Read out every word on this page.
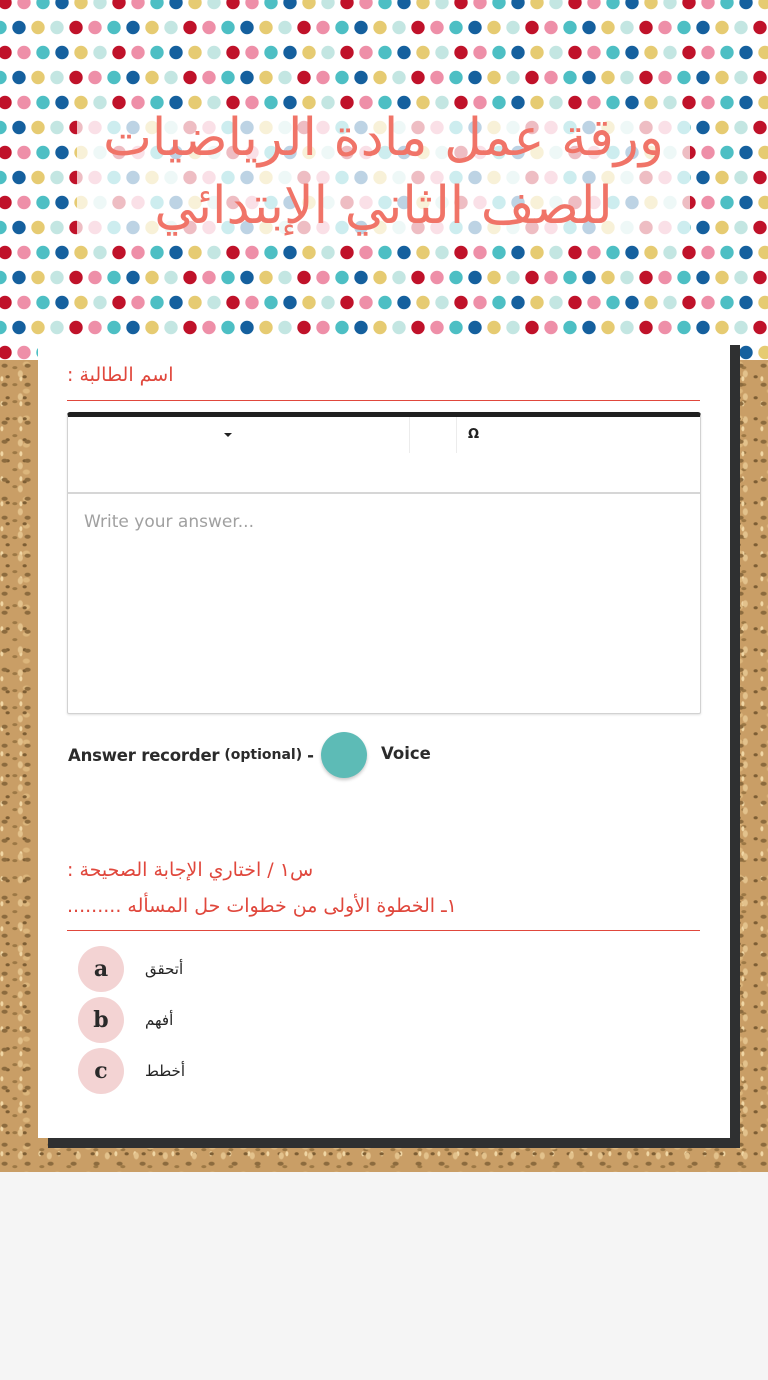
ورقة عمل مادة الرياضيات
للصف الثاني الإبتدائي
اسم الطالبة :
Ω
Write your answer...
Answer recorder (optional) -	Voice
س١ / اختاري الإجابة الصحيحة :
١ـ الخطوة الأولى من خطوات حل المسأله .........
a	أتحقق
b	أفهم
c	أخطط
